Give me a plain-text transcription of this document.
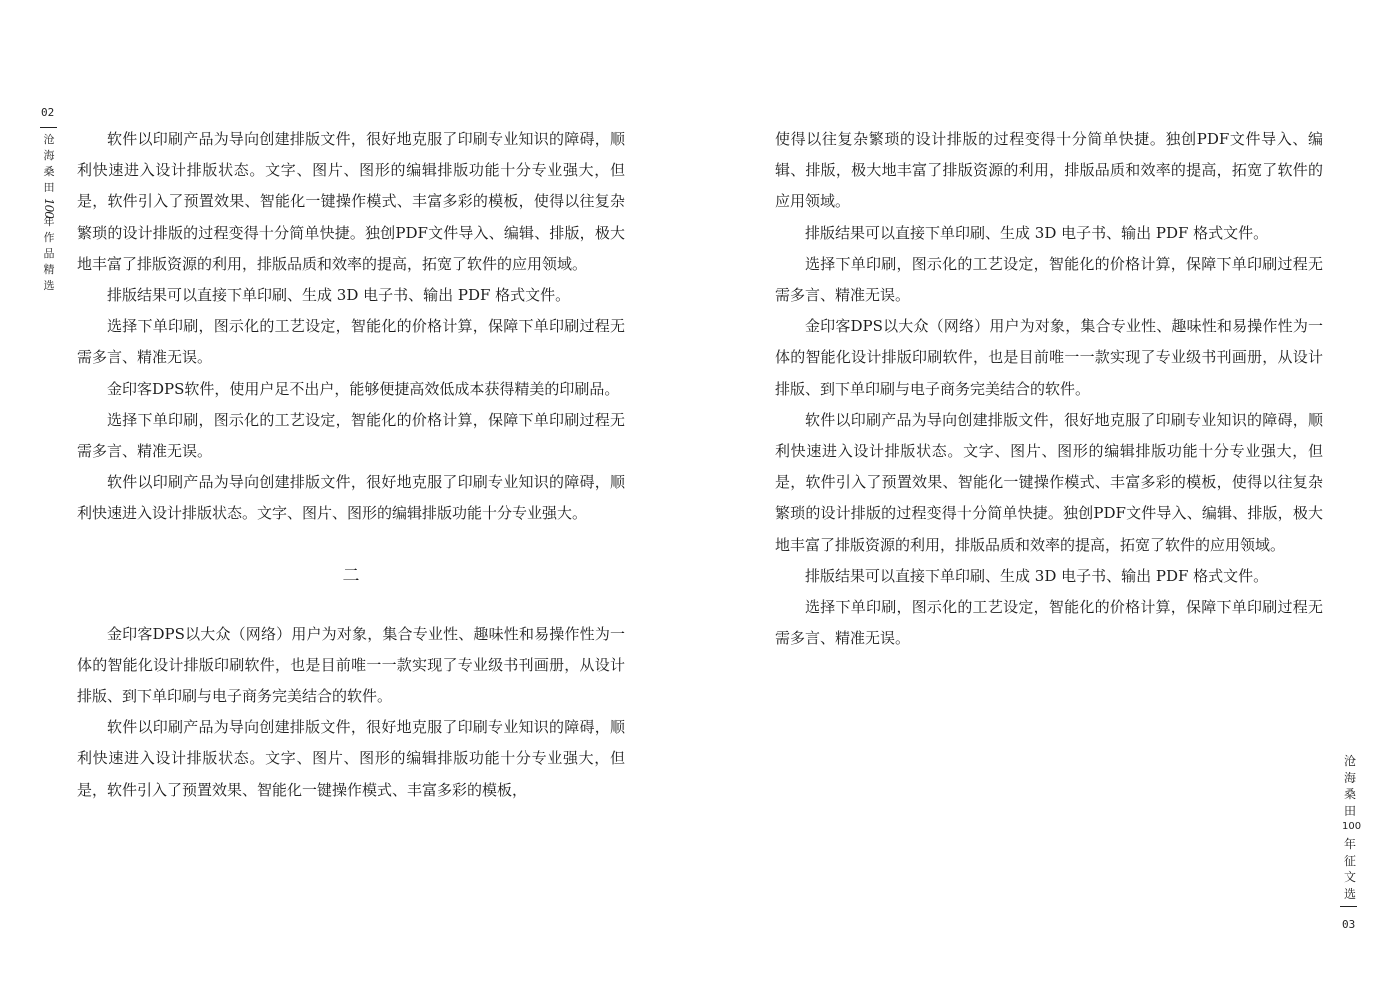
02
沧
海
桑
田
100
年
作
品
精
选

软件以印刷产品为导向创建排版文件，很好地克服了印刷专业知识的障碍，顺利快速进入设计排版状态。文字、图片、图形的编辑排版功能十分专业强大，但是，软件引入了预置效果、智能化一键操作模式、丰富多彩的模板，使得以往复杂繁琐的设计排版的过程变得十分简单快捷。独创PDF文件导入、编辑、排版，极大地丰富了排版资源的利用，排版品质和效率的提高，拓宽了软件的应用领域。

排版结果可以直接下单印刷、生成 3D 电子书、输出 PDF 格式文件。

选择下单印刷，图示化的工艺设定，智能化的价格计算，保障下单印刷过程无需多言、精准无误。

金印客DPS软件，使用户足不出户，能够便捷高效低成本获得精美的印刷品。

选择下单印刷，图示化的工艺设定，智能化的价格计算，保障下单印刷过程无需多言、精准无误。

软件以印刷产品为导向创建排版文件，很好地克服了印刷专业知识的障碍，顺利快速进入设计排版状态。文字、图片、图形的编辑排版功能十分专业强大。

二

金印客DPS以大众（网络）用户为对象，集合专业性、趣味性和易操作性为一体的智能化设计排版印刷软件，也是目前唯一一款实现了专业级书刊画册，从设计排版、到下单印刷与电子商务完美结合的软件。

软件以印刷产品为导向创建排版文件，很好地克服了印刷专业知识的障碍，顺利快速进入设计排版状态。文字、图片、图形的编辑排版功能十分专业强大，但是，软件引入了预置效果、智能化一键操作模式、丰富多彩的模板，

使得以往复杂繁琐的设计排版的过程变得十分简单快捷。独创PDF文件导入、编辑、排版，极大地丰富了排版资源的利用，排版品质和效率的提高，拓宽了软件的应用领域。

排版结果可以直接下单印刷、生成 3D 电子书、输出 PDF 格式文件。

选择下单印刷，图示化的工艺设定，智能化的价格计算，保障下单印刷过程无需多言、精准无误。

金印客DPS以大众（网络）用户为对象，集合专业性、趣味性和易操作性为一体的智能化设计排版印刷软件，也是目前唯一一款实现了专业级书刊画册，从设计排版、到下单印刷与电子商务完美结合的软件。

软件以印刷产品为导向创建排版文件，很好地克服了印刷专业知识的障碍，顺利快速进入设计排版状态。文字、图片、图形的编辑排版功能十分专业强大，但是，软件引入了预置效果、智能化一键操作模式、丰富多彩的模板，使得以往复杂繁琐的设计排版的过程变得十分简单快捷。独创PDF文件导入、编辑、排版，极大地丰富了排版资源的利用，排版品质和效率的提高，拓宽了软件的应用领域。

排版结果可以直接下单印刷、生成 3D 电子书、输出 PDF 格式文件。

选择下单印刷，图示化的工艺设定，智能化的价格计算，保障下单印刷过程无需多言、精准无误。

沧
海
桑
田
100
年
征
文
选
03
